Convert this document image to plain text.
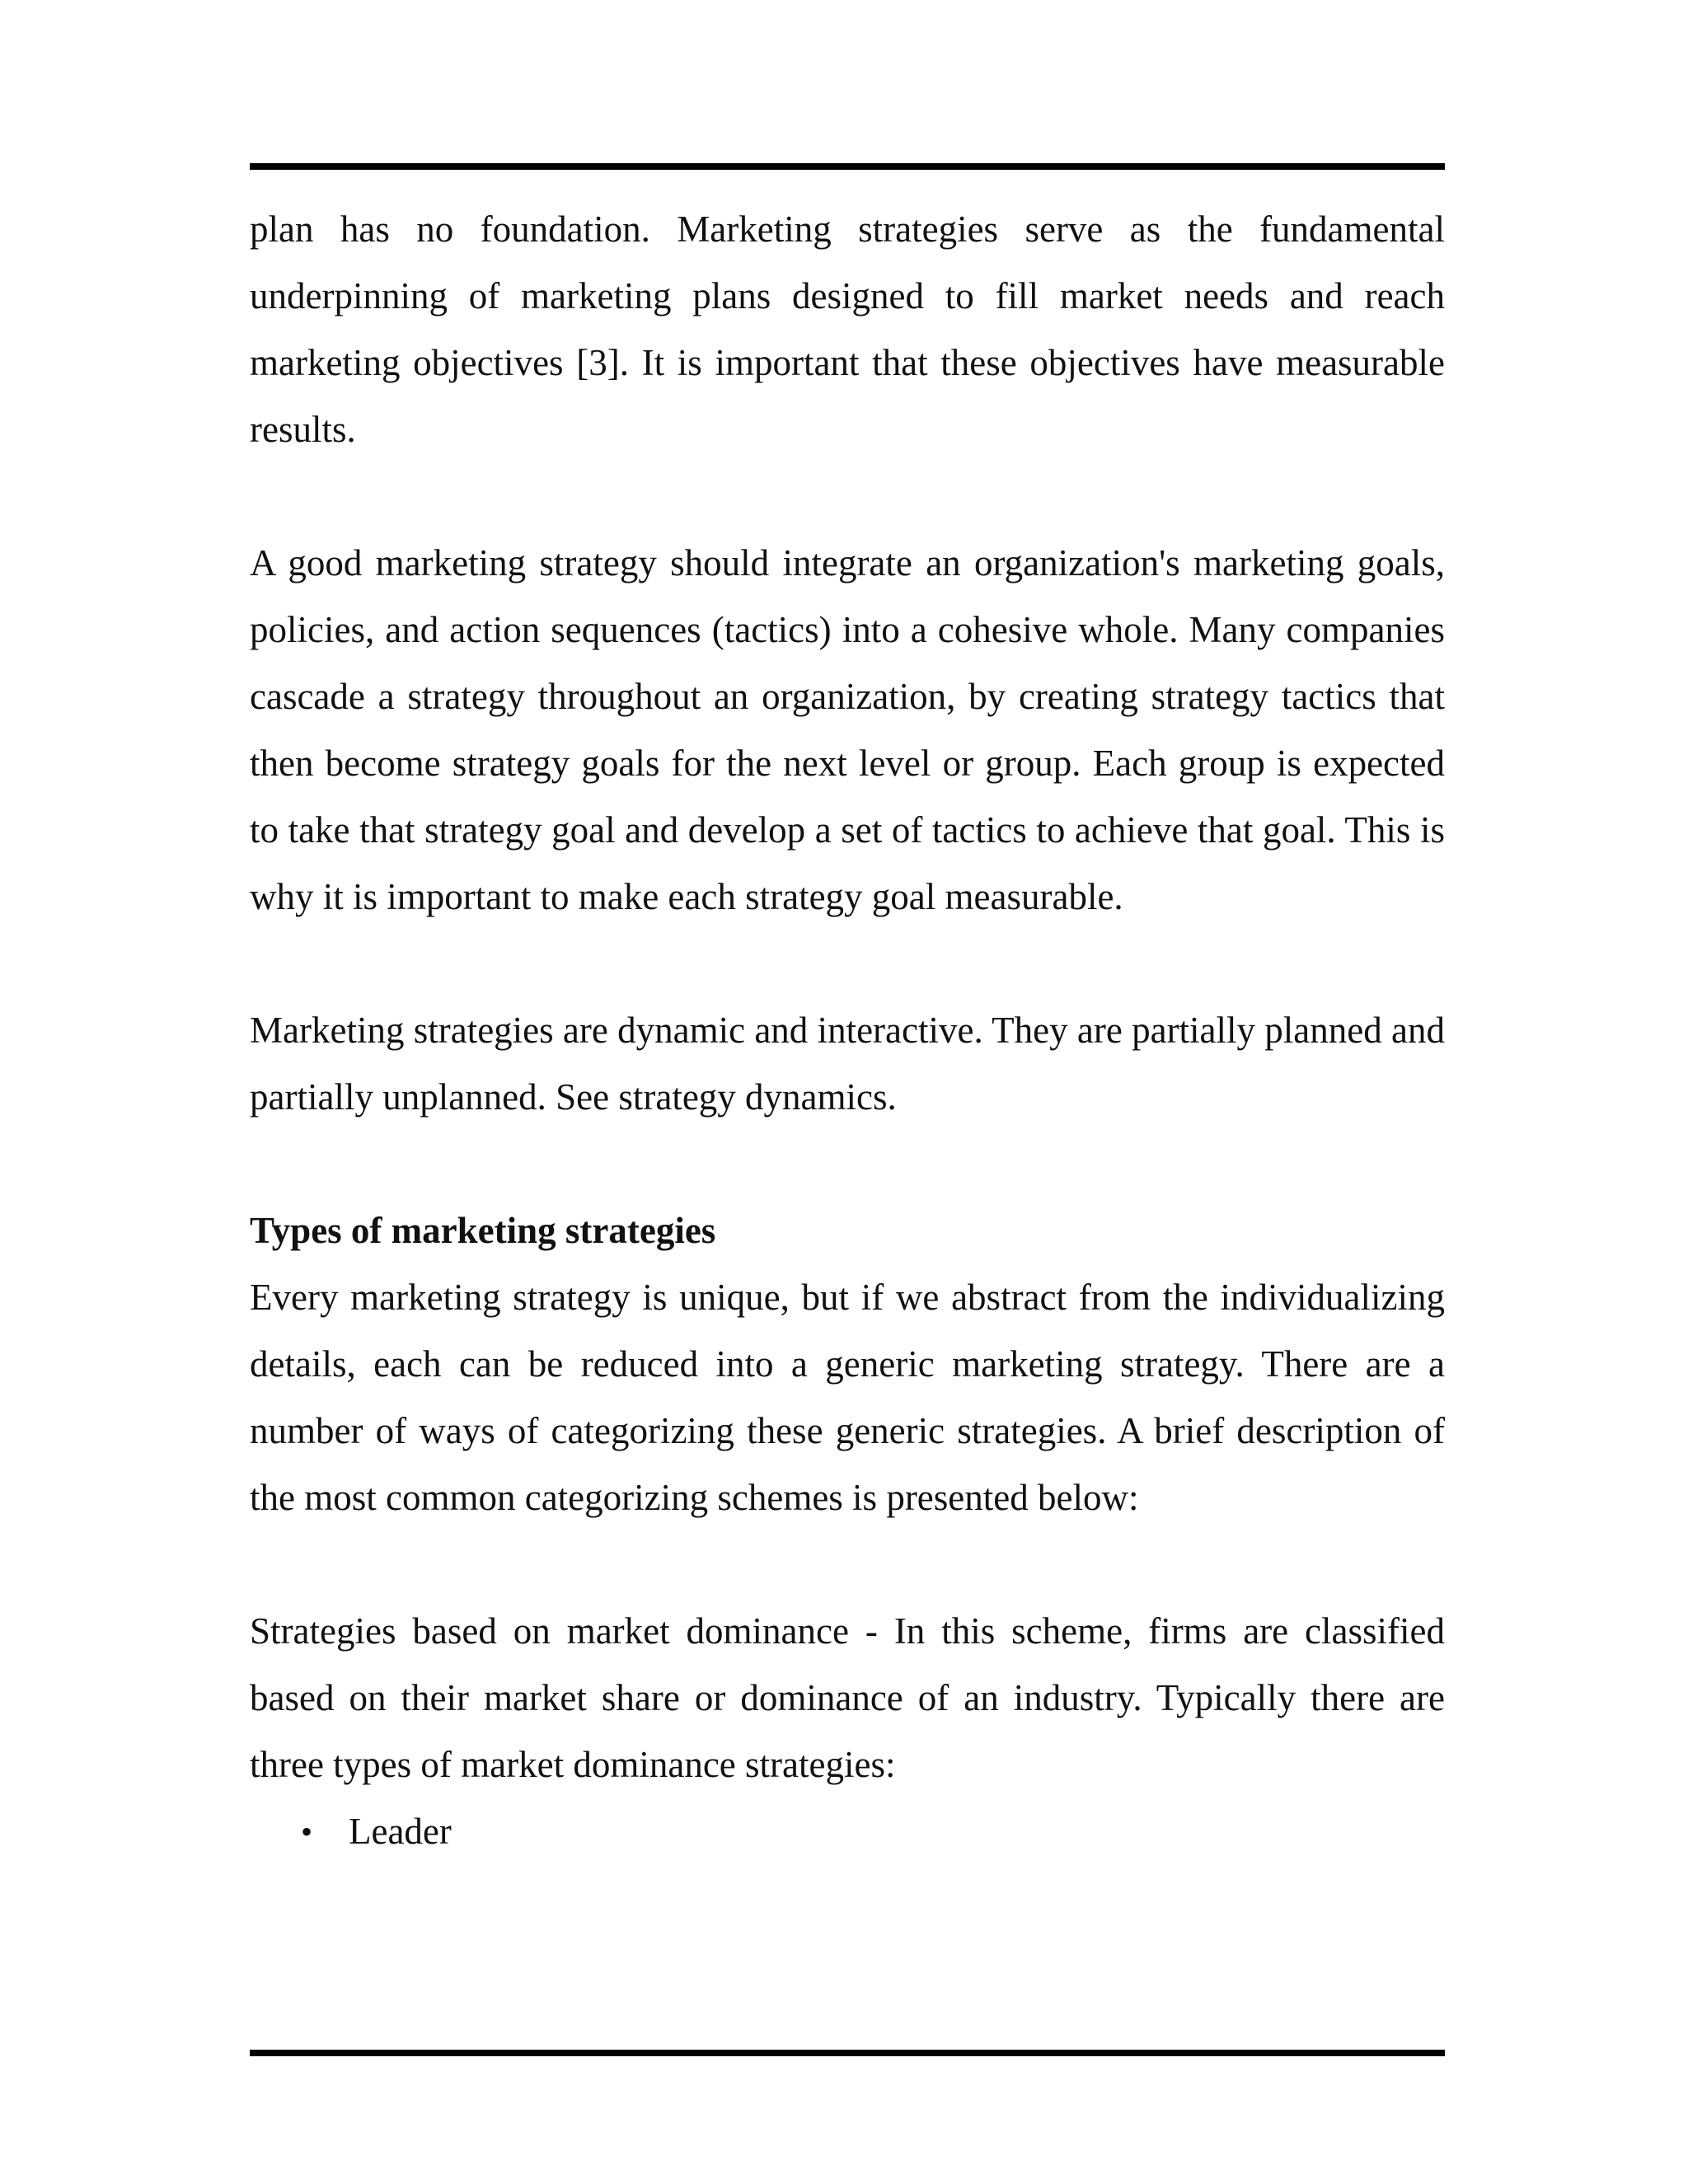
plan has no foundation. Marketing strategies serve as the fundamental underpinning of marketing plans designed to fill market needs and reach marketing objectives [3]. It is important that these objectives have measurable results.

A good marketing strategy should integrate an organization's marketing goals, policies, and action sequences (tactics) into a cohesive whole. Many companies cascade a strategy throughout an organization, by creating strategy tactics that then become strategy goals for the next level or group. Each group is expected to take that strategy goal and develop a set of tactics to achieve that goal. This is why it is important to make each strategy goal measurable.

Marketing strategies are dynamic and interactive. They are partially planned and partially unplanned. See strategy dynamics.

Types of marketing strategies

Every marketing strategy is unique, but if we abstract from the individualizing details, each can be reduced into a generic marketing strategy. There are a number of ways of categorizing these generic strategies. A brief description of the most common categorizing schemes is presented below:

Strategies based on market dominance - In this scheme, firms are classified based on their market share or dominance of an industry. Typically there are three types of market dominance strategies:

• Leader
